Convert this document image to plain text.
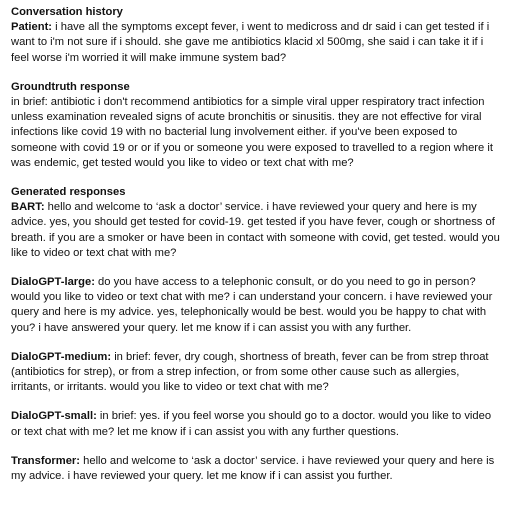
Conversation history

Patient: i have all the symptoms except fever, i went to medicross and dr said i can get tested if i want to i'm not sure if i should. she gave me antibiotics klacid xl 500mg, she said i can take it if i feel worse i'm worried it will make immune system bad?

Groundtruth response

in brief: antibiotic i don't recommend antibiotics for a simple viral upper respiratory tract infection unless examination revealed signs of acute bronchitis or sinusitis. they are not effective for viral infections like covid 19 with no bacterial lung involvement either. if you've been exposed to someone with covid 19 or or if you or someone you were exposed to travelled to a region where it was endemic, get tested would you like to video or text chat with me?

Generated responses

BART: hello and welcome to ‘ask a doctor’ service. i have reviewed your query and here is my advice. yes, you should get tested for covid-19. get tested if you have fever, cough or shortness of breath. if you are a smoker or have been in contact with someone with covid, get tested. would you like to video or text chat with me?

DialoGPT-large: do you have access to a telephonic consult, or do you need to go in person? would you like to video or text chat with me? i can understand your concern. i have reviewed your query and here is my advice. yes, telephonically would be best. would you be happy to chat with you? i have answered your query. let me know if i can assist you with any further.

DialoGPT-medium: in brief: fever, dry cough, shortness of breath, fever can be from strep throat (antibiotics for strep), or from a strep infection, or from some other cause such as allergies, irritants, or irritants. would you like to video or text chat with me?

DialoGPT-small: in brief: yes. if you feel worse you should go to a doctor. would you like to video or text chat with me? let me know if i can assist you with any further questions.

Transformer: hello and welcome to ‘ask a doctor’ service. i have reviewed your query and here is my advice. i have reviewed your query. let me know if i can assist you further.
